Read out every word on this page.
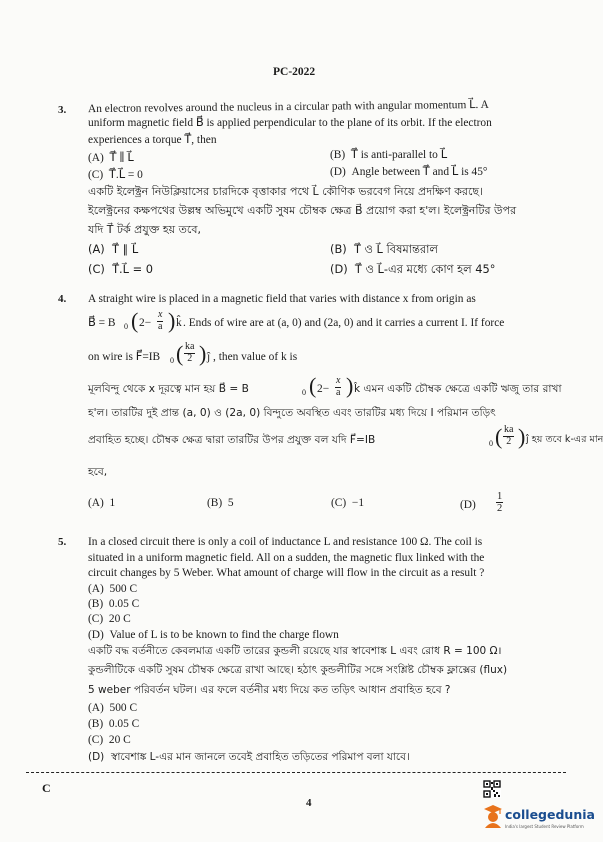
PC-2022
3. An electron revolves around the nucleus in a circular path with angular momentum L⃗. A
uniform magnetic field B⃗ is applied perpendicular to the plane of its orbit. If the electron
experiences a torque T⃗, then
(A) T⃗ ∥ L⃗	(B) T⃗ is anti-parallel to L⃗
(C) T⃗.L⃗ = 0	(D) Angle between T⃗ and L⃗ is 45°
একটি ইলেক্ট্রন নিউক্লিয়াসের চারদিকে বৃত্তাকার পথে L⃗ কৌণিক ভরবেগ নিয়ে প্রদক্ষিণ করছে।
ইলেক্ট্রনের কক্ষপথের উল্লম্ব অভিমুখে একটি সুষম চৌম্বক ক্ষেত্র B⃗ প্রয়োগ করা হ'ল। ইলেক্ট্রনটির উপর
যদি T⃗ টর্ক প্রযুক্ত হয় তবে,
(A) T⃗ ∥ L⃗	(B) T⃗ ও L⃗ বিষমান্তরাল
(C) T⃗.L⃗ = 0	(D) T⃗ ও L⃗-এর মধ্যে কোণ হল 45°
4. A straight wire is placed in a magnetic field that varies with distance x from origin as
B⃗ = B 0 ( $2- \frac{x}{a}$ ) k̂ . Ends of wire are at (a, 0) and (2a, 0) and it carries a current I. If force
on wire is F⃗=IB 0 ( $\frac{ka}{2}$ ) ĵ , then value of k is
মূলবিন্দু থেকে x দূরত্বে মান হয় B⃗ = B	0 ( $2- \frac{x}{a}$ ) k̂ এমন একটি চৌম্বক ক্ষেত্রে একটি ঋজু তার রাখা
হ'ল। তারটির দুই প্রান্ত (a, 0) ও (2a, 0) বিন্দুতে অবস্থিত এবং তারটির মধ্য দিয়ে I পরিমান তড়িৎ
প্রবাহিত হচ্ছে। চৌম্বক ক্ষেত্র দ্বারা তারটির উপর প্রযুক্ত বল যদি F⃗=IB	0 ( $\frac{ka}{2}$ ) ĵ হয় তবে k-এর মান
হবে,
(A) 1	(B) 5	(C) −1	$(D) \frac{1}{2}$
5. In a closed circuit there is only a coil of inductance L and resistance 100 Ω. The coil is
situated in a uniform magnetic field. All on a sudden, the magnetic flux linked with the
circuit changes by 5 Weber. What amount of charge will flow in the circuit as a result ?
(A) 500 C
(B) 0.05 C
(C) 20 C
(D) Value of L is to be known to find the charge flown
একটি বদ্ধ বর্তনীতে কেবলমাত্র একটি তারের কুন্ডলী রয়েছে যার স্বাবেশাঙ্ক L এবং রোধ R = 100 Ω।
কুন্ডলীটিকে একটি সুষম চৌম্বক ক্ষেত্রে রাখা আছে। হঠাৎ কুন্ডলীটির সঙ্গে সংশ্লিষ্ট চৌম্বক ফ্লাক্সের (flux)
5 weber পরিবর্তন ঘটল। এর ফলে বর্তনীর মধ্য দিয়ে কত তড়িৎ আধান প্রবাহিত হবে ?
(A) 500 C
(B) 0.05 C
(C) 20 C
(D) স্বাবেশাঙ্ক L-এর মান জানলে তবেই প্রবাহিত তড়িতের পরিমাপ বলা যাবে।
C
4
collegedunia
India's largest Student Review Platform
